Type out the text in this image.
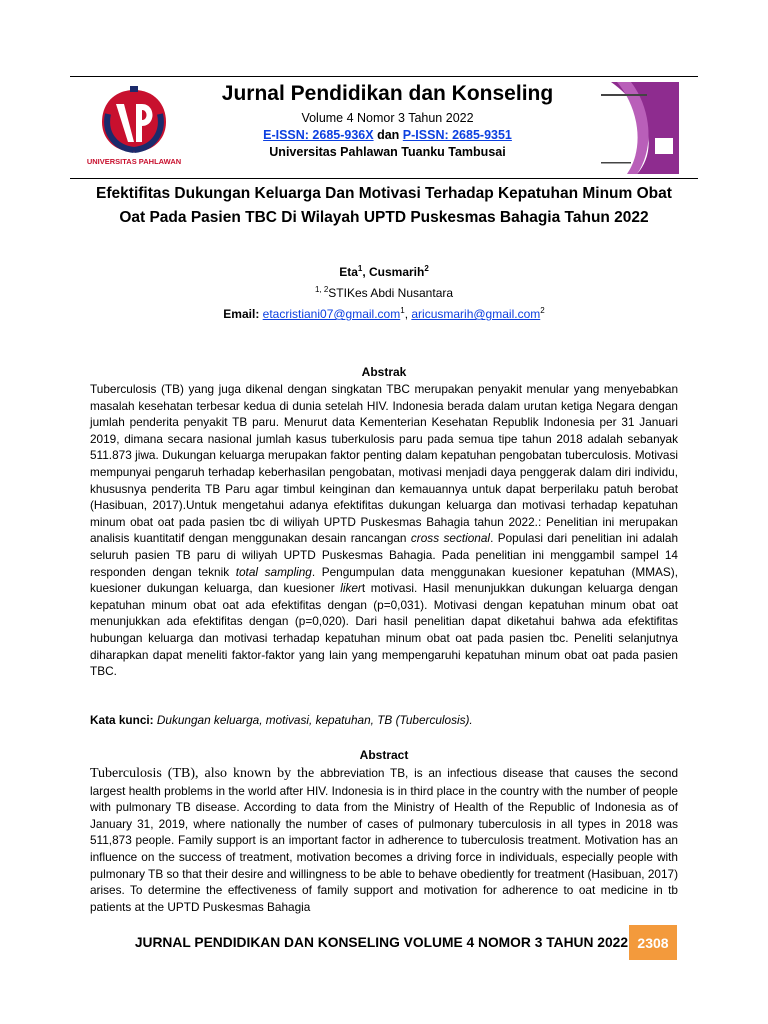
UNIVERSITAS PAHLAWAN
Jurnal Pendidikan dan Konseling
Volume 4 Nomor 3 Tahun 2022
E-ISSN: 2685-936X dan P-ISSN: 2685-9351
Universitas Pahlawan Tuanku Tambusai
Efektifitas Dukungan Keluarga Dan Motivasi Terhadap Kepatuhan Minum Obat
Oat Pada Pasien TBC Di Wilayah UPTD Puskesmas Bahagia Tahun 2022
Eta$^1$, Cusmarih$^2$
$^{1, 2}$STIKes Abdi Nusantara
Email: etacristiani07@gmail.com$^1$, aricusmarih@gmail.com$^2$
Abstrak
Tuberculosis (TB) yang juga dikenal dengan singkatan TBC merupakan penyakit menular yang menyebabkan masalah kesehatan terbesar kedua di dunia setelah HIV. Indonesia berada dalam urutan ketiga Negara dengan jumlah penderita penyakit TB paru. Menurut data Kementerian Kesehatan Republik Indonesia per 31 Januari 2019, dimana secara nasional jumlah kasus tuberkulosis paru pada semua tipe tahun 2018 adalah sebanyak 511.873 jiwa. Dukungan keluarga merupakan faktor penting dalam kepatuhan pengobatan tuberculosis. Motivasi mempunyai pengaruh terhadap keberhasilan pengobatan, motivasi menjadi daya penggerak dalam diri individu, khususnya penderita TB Paru agar timbul keinginan dan kemauannya untuk dapat berperilaku patuh berobat (Hasibuan, 2017).Untuk mengetahui adanya efektifitas dukungan keluarga dan motivasi terhadap kepatuhan minum obat oat pada pasien tbc di wiliyah UPTD Puskesmas Bahagia tahun 2022.: Penelitian ini merupakan analisis kuantitatif dengan menggunakan desain rancangan cross sectional. Populasi dari penelitian ini adalah seluruh pasien TB paru di wiliyah UPTD Puskesmas Bahagia. Pada penelitian ini menggambil sampel 14 responden dengan teknik total sampling. Pengumpulan data menggunakan kuesioner kepatuhan (MMAS), kuesioner dukungan keluarga, dan kuesioner likert motivasi. Hasil menunjukkan dukungan keluarga dengan kepatuhan minum obat oat ada efektifitas dengan (p=0,031). Motivasi dengan kepatuhan minum obat oat menunjukkan ada efektifitas dengan (p=0,020). Dari hasil penelitian dapat diketahui bahwa ada efektifitas hubungan keluarga dan motivasi terhadap kepatuhan minum obat oat pada pasien tbc. Peneliti selanjutnya diharapkan dapat meneliti faktor-faktor yang lain yang mempengaruhi kepatuhan minum obat oat pada pasien TBC.
Kata kunci: Dukungan keluarga, motivasi, kepatuhan, TB (Tuberculosis).
Abstract
Tuberculosis (TB), also known by the abbreviation TB, is an infectious disease that causes the second largest health problems in the world after HIV. Indonesia is in third place in the country with the number of people with pulmonary TB disease. According to data from the Ministry of Health of the Republic of Indonesia as of January 31, 2019, where nationally the number of cases of pulmonary tuberculosis in all types in 2018 was 511,873 people. Family support is an important factor in adherence to tuberculosis treatment. Motivation has an influence on the success of treatment, motivation becomes a driving force in individuals, especially people with pulmonary TB so that their desire and willingness to be able to behave obediently for treatment (Hasibuan, 2017) arises. To determine the effectiveness of family support and motivation for adherence to oat medicine in tb patients at the UPTD Puskesmas Bahagia
JURNAL PENDIDIKAN DAN KONSELING VOLUME 4 NOMOR 3 TAHUN 2022 2308
